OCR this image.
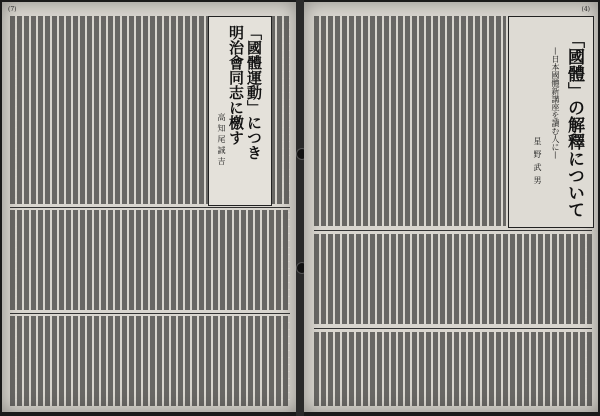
(7)
「國體運動」につき
明治會同志に檄す
高知尾誠吉
(4)
「國體」の解釋について
—日本國體新講座を讀む人に—
星野武男
